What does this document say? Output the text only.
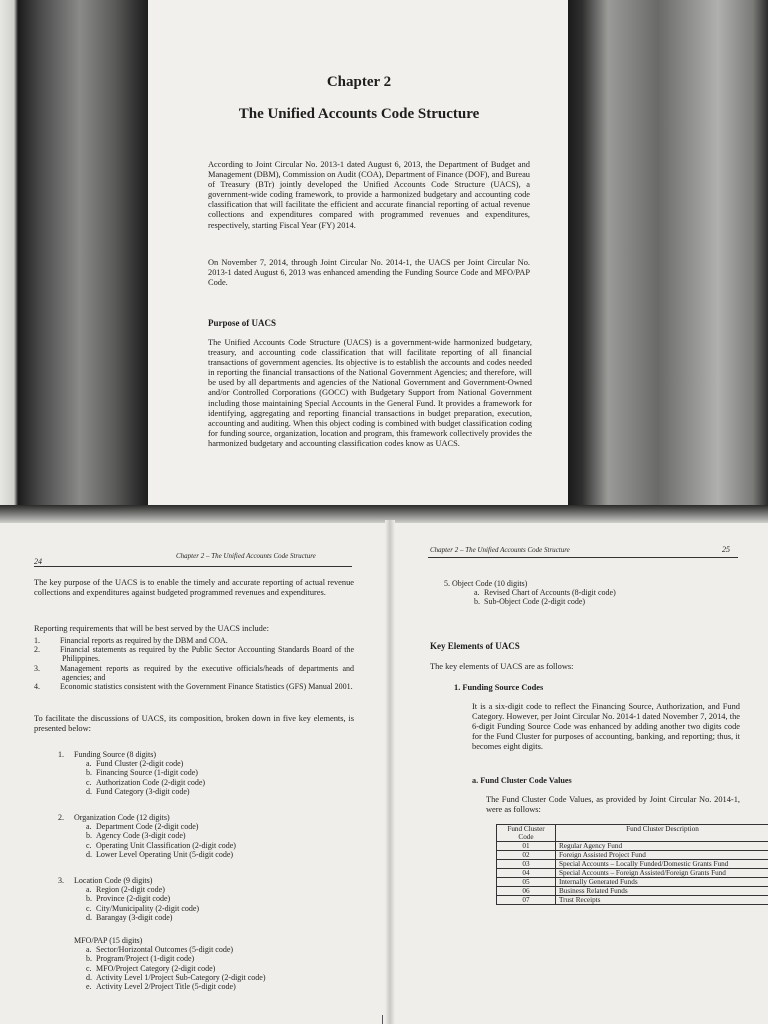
Chapter 2
The Unified Accounts Code Structure

According to Joint Circular No. 2013-1 dated August 6, 2013, the Department of Budget and Management (DBM), Commission on Audit (COA), Department of Finance (DOF), and Bureau of Treasury (BTr) jointly developed the Unified Accounts Code Structure (UACS), a government-wide coding framework, to provide a harmonized budgetary and accounting code classification that will facilitate the efficient and accurate financial reporting of actual revenue collections and expenditures compared with programmed revenues and expenditures, respectively, starting Fiscal Year (FY) 2014.

On November 7, 2014, through Joint Circular No. 2014-1, the UACS per Joint Circular No. 2013-1 dated August 6, 2013 was enhanced amending the Funding Source Code and MFO/PAP Code.

Purpose of UACS

The Unified Accounts Code Structure (UACS) is a government-wide harmonized budgetary, treasury, and accounting code classification that will facilitate reporting of all financial transactions of government agencies. Its objective is to establish the accounts and codes needed in reporting the financial transactions of the National Government Agencies; and therefore, will be used by all departments and agencies of the National Government and Government-Owned and/or Controlled Corporations (GOCC) with Budgetary Support from National Government including those maintaining Special Accounts in the General Fund. It provides a framework for identifying, aggregating and reporting financial transactions in budget preparation, execution, accounting and auditing. When this object coding is combined with budget classification coding for funding source, organization, location and program, this framework collectively provides the harmonized budgetary and accounting classification codes know as UACS.

24
Chapter 2 – The Unified Accounts Code Structure

The key purpose of the UACS is to enable the timely and accurate reporting of actual revenue collections and expenditures against budgeted programmed revenues and expenditures.

Reporting requirements that will be best served by the UACS include:

1.	Financial reports as required by the DBM and COA.
2.	Financial statements as required by the Public Sector Accounting Standards Board of the Philippines.
3.	Management reports as required by the executive officials/heads of departments and agencies; and
4.	Economic statistics consistent with the Government Finance Statistics (GFS) Manual 2001.

To facilitate the discussions of UACS, its composition, broken down in five key elements, is presented below:

1. Funding Source (8 digits)
a. Fund Cluster (2-digit code)
b. Financing Source (1-digit code)
c. Authorization Code (2-digit code)
d. Fund Category (3-digit code)
2. Organization Code (12 digits)
a. Department Code (2-digit code)
b. Agency Code (3-digit code)
c. Operating Unit Classification (2-digit code)
d. Lower Level Operating Unit (5-digit code)
3. Location Code (9 digits)
a. Region (2-digit code)
b. Province (2-digit code)
c. City/Municipality (2-digit code)
d. Barangay (3-digit code)
MFO/PAP (15 digits)
a. Sector/Horizontal Outcomes (5-digit code)
b. Program/Project (1-digit code)
c. MFO/Project Category (2-digit code)
d. Activity Level 1/Project Sub-Category (2-digit code)
e. Activity Level 2/Project Title (5-digit code)
Chapter 2 – The Unified Accounts Code Structure	25
5. Object Code (10 digits)
a. Revised Chart of Accounts (8-digit code)
b. Sub-Object Code (2-digit code)

Key Elements of UACS

The key elements of UACS are as follows:

1. Funding Source Codes

It is a six-digit code to reflect the Financing Source, Authorization, and Fund Category. However, per Joint Circular No. 2014-1 dated November 7, 2014, the 6-digit Funding Source Code was enhanced by adding another two digits code for the Fund Cluster for purposes of accounting, banking, and reporting; thus, it becomes eight digits.

a. Fund Cluster Code Values

The Fund Cluster Code Values, as provided by Joint Circular No. 2014-1, were as follows:

Fund Cluster Code	Fund Cluster Description
01	Regular Agency Fund
02	Foreign Assisted Project Fund
03	Special Accounts – Locally Funded/Domestic Grants Fund
04	Special Accounts – Foreign Assisted/Foreign Grants Fund
05	Internally Generated Funds
06	Business Related Funds
07	Trust Receipts
